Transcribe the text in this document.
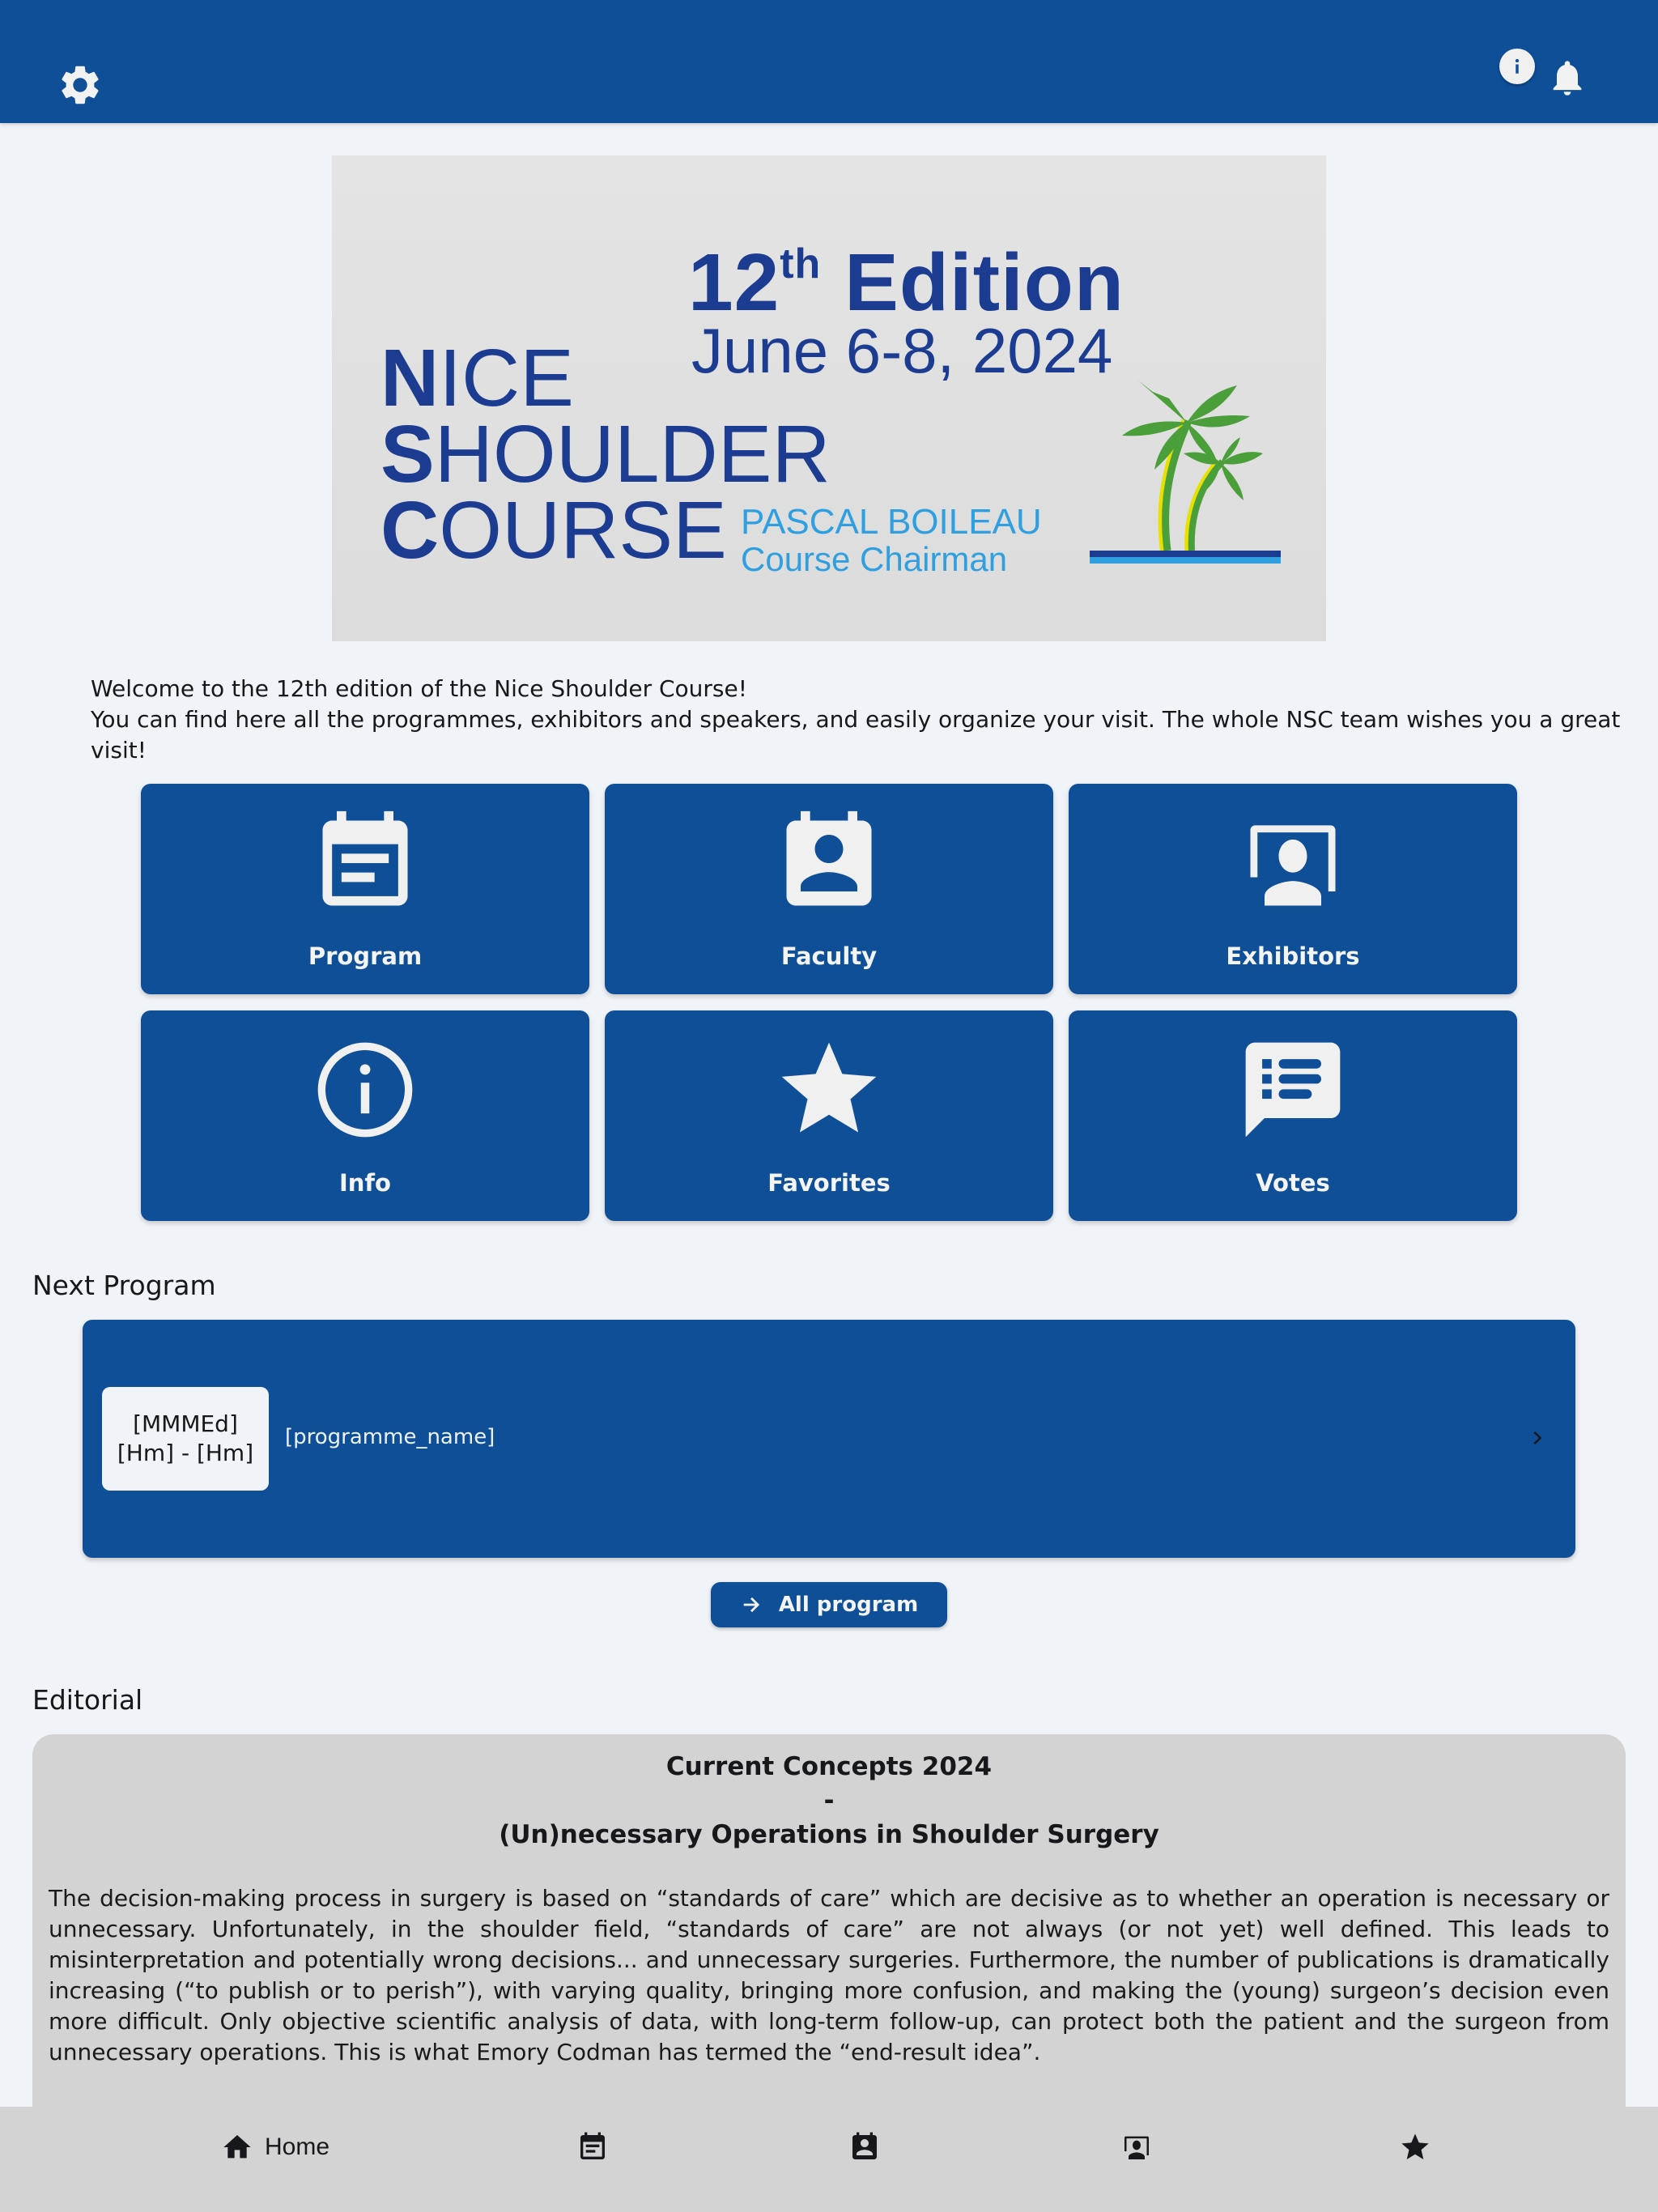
12th Edition
June 6-8, 2024
NICE
SHOULDER
COURSE PASCAL BOILEAU
Course Chairman
Welcome to the 12th edition of the Nice Shoulder Course!
You can find here all the programmes, exhibitors and speakers, and easily organize your visit. The whole NSC team wishes you a great visit!
Program	Faculty	Exhibitors
Info	Favorites	Votes
Next Program
[MMMEd]
[Hm] - [Hm]
[programme_name]
All program
Editorial
Current Concepts 2024
-
(Un)necessary Operations in Shoulder Surgery
The decision-making process in surgery is based on “standards of care” which are decisive as to whether an operation is necessary or unnecessary. Unfortunately, in the shoulder field, “standards of care” are not always (or not yet) well defined. This leads to misinterpretation and potentially wrong decisions... and unnecessary surgeries. Furthermore, the number of publications is dramatically increasing (“to publish or to perish”), with varying quality, bringing more confusion, and making the (young) surgeon’s decision even more difficult. Only objective scientific analysis of data, with long-term follow-up, can protect both the patient and the surgeon from unnecessary operations. This is what Emory Codman has termed the “end-result idea”.
Home
